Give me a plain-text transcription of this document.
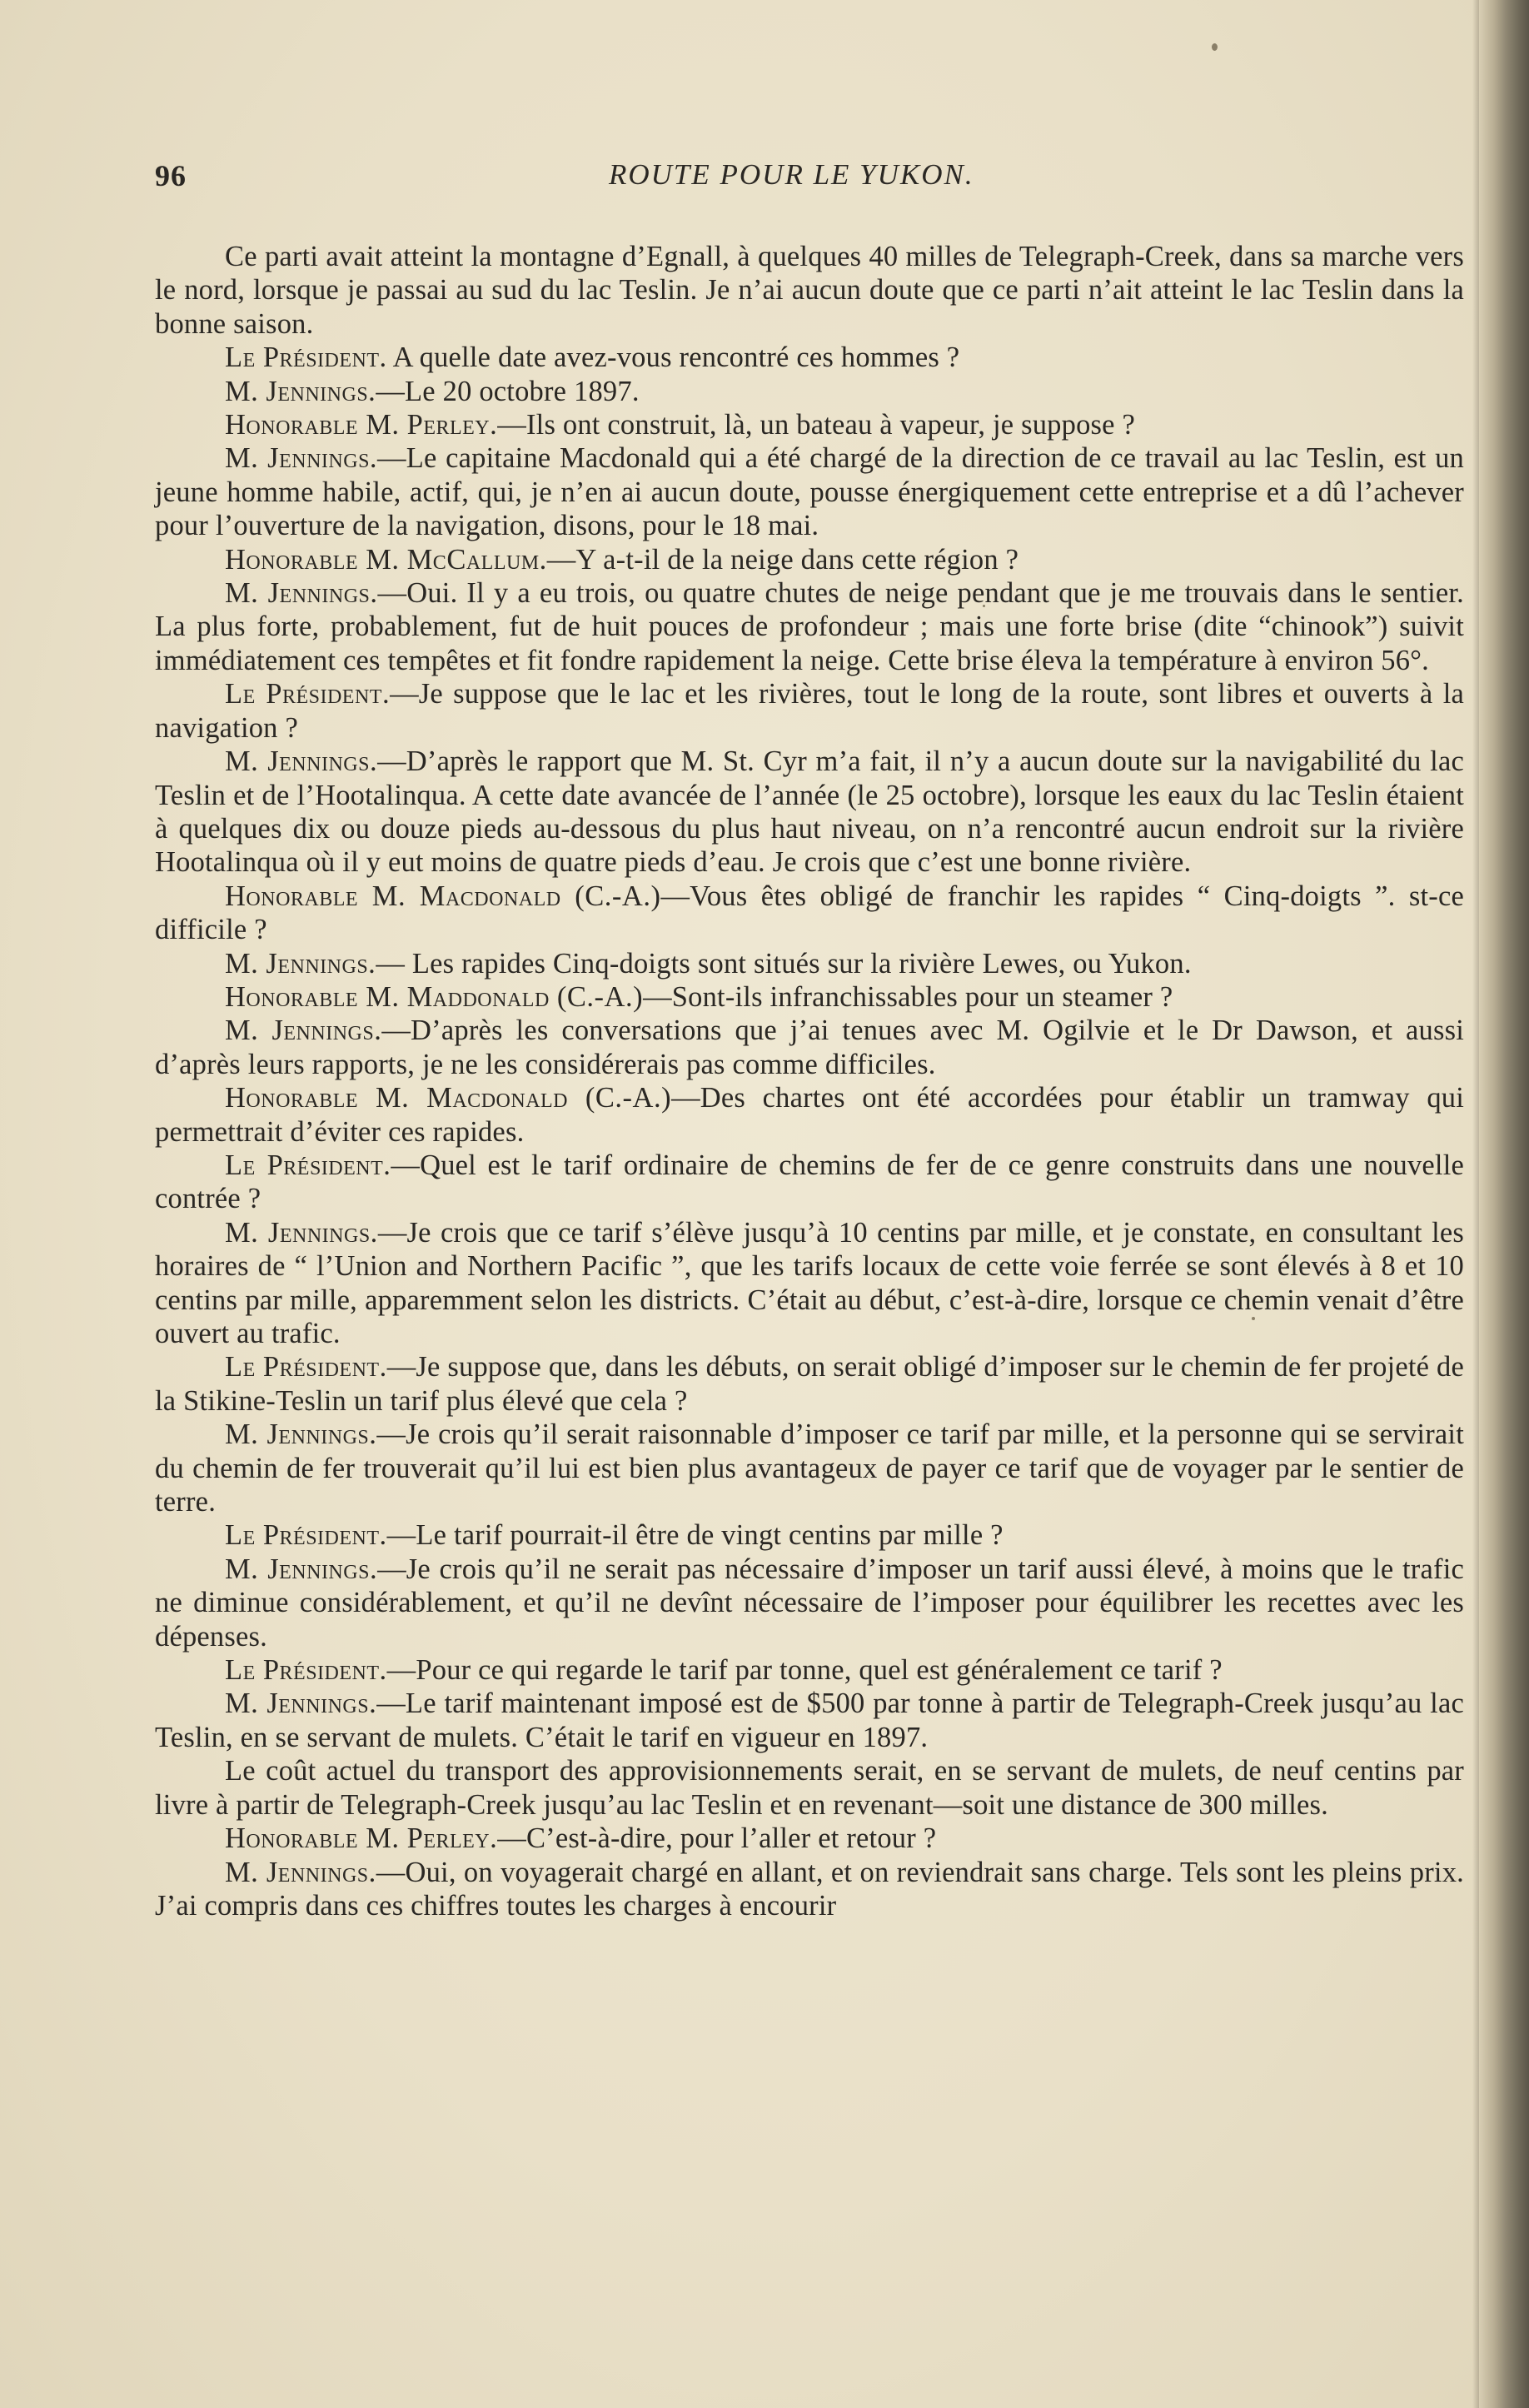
96	ROUTE POUR LE YUKON.

Ce parti avait atteint la montagne d’Egnall, à quelques 40 milles de Telegraph-Creek, dans sa marche vers le nord, lorsque je passai au sud du lac Teslin. Je n’ai aucun doute que ce parti n’ait atteint le lac Teslin dans la bonne saison.

Le Président. A quelle date avez-vous rencontré ces hommes ?

M. Jennings.—Le 20 octobre 1897.

Honorable M. Perley.—Ils ont construit, là, un bateau à vapeur, je suppose ?

M. Jennings.—Le capitaine Macdonald qui a été chargé de la direction de ce travail au lac Teslin, est un jeune homme habile, actif, qui, je n’en ai aucun doute, pousse énergiquement cette entreprise et a dû l’achever pour l’ouverture de la navigation, disons, pour le 18 mai.

Honorable M. McCallum.—Y a-t-il de la neige dans cette région ?

M. Jennings.—Oui. Il y a eu trois, ou quatre chutes de neige pendant que je me trouvais dans le sentier. La plus forte, probablement, fut de huit pouces de profondeur ; mais une forte brise (dite “chinook”) suivit immédiatement ces tempêtes et fit fondre rapidement la neige. Cette brise éleva la température à environ 56°.

Le Président.—Je suppose que le lac et les rivières, tout le long de la route, sont libres et ouverts à la navigation ?

M. Jennings.—D’après le rapport que M. St. Cyr m’a fait, il n’y a aucun doute sur la navigabilité du lac Teslin et de l’Hootalinqua. A cette date avancée de l’année (le 25 octobre), lorsque les eaux du lac Teslin étaient à quelques dix ou douze pieds au-dessous du plus haut niveau, on n’a rencontré aucun endroit sur la rivière Hootalinqua où il y eut moins de quatre pieds d’eau. Je crois que c’est une bonne rivière.

Honorable M. Macdonald (C.-A.)—Vous êtes obligé de franchir les rapides “ Cinq-doigts ”. st-ce difficile ?

M. Jennings.— Les rapides Cinq-doigts sont situés sur la rivière Lewes, ou Yukon.

Honorable M. Maddonald (C.-A.)—Sont-ils infranchissables pour un steamer ?

M. Jennings.—D’après les conversations que j’ai tenues avec M. Ogilvie et le Dr Dawson, et aussi d’après leurs rapports, je ne les considérerais pas comme difficiles.

Honorable M. Macdonald (C.-A.)—Des chartes ont été accordées pour établir un tramway qui permettrait d’éviter ces rapides.

Le Président.—Quel est le tarif ordinaire de chemins de fer de ce genre construits dans une nouvelle contrée ?

M. Jennings.—Je crois que ce tarif s’élève jusqu’à 10 centins par mille, et je constate, en consultant les horaires de “ l’Union and Northern Pacific ”, que les tarifs locaux de cette voie ferrée se sont élevés à 8 et 10 centins par mille, apparemment selon les districts. C’était au début, c’est-à-dire, lorsque ce chemin venait d’être ouvert au trafic.

Le Président.—Je suppose que, dans les débuts, on serait obligé d’imposer sur le chemin de fer projeté de la Stikine-Teslin un tarif plus élevé que cela ?

M. Jennings.—Je crois qu’il serait raisonnable d’imposer ce tarif par mille, et la personne qui se servirait du chemin de fer trouverait qu’il lui est bien plus avantageux de payer ce tarif que de voyager par le sentier de terre.

Le Président.—Le tarif pourrait-il être de vingt centins par mille ?

M. Jennings.—Je crois qu’il ne serait pas nécessaire d’imposer un tarif aussi élevé, à moins que le trafic ne diminue considérablement, et qu’il ne devînt nécessaire de l’imposer pour équilibrer les recettes avec les dépenses.

Le Président.—Pour ce qui regarde le tarif par tonne, quel est généralement ce tarif ?

M. Jennings.—Le tarif maintenant imposé est de $500 par tonne à partir de Telegraph-Creek jusqu’au lac Teslin, en se servant de mulets. C’était le tarif en vigueur en 1897.

Le coût actuel du transport des approvisionnements serait, en se servant de mulets, de neuf centins par livre à partir de Telegraph-Creek jusqu’au lac Teslin et en revenant—soit une distance de 300 milles.

Honorable M. Perley.—C’est-à-dire, pour l’aller et retour ?

M. Jennings.—Oui, on voyagerait chargé en allant, et on reviendrait sans charge. Tels sont les pleins prix. J’ai compris dans ces chiffres toutes les charges à encourir
